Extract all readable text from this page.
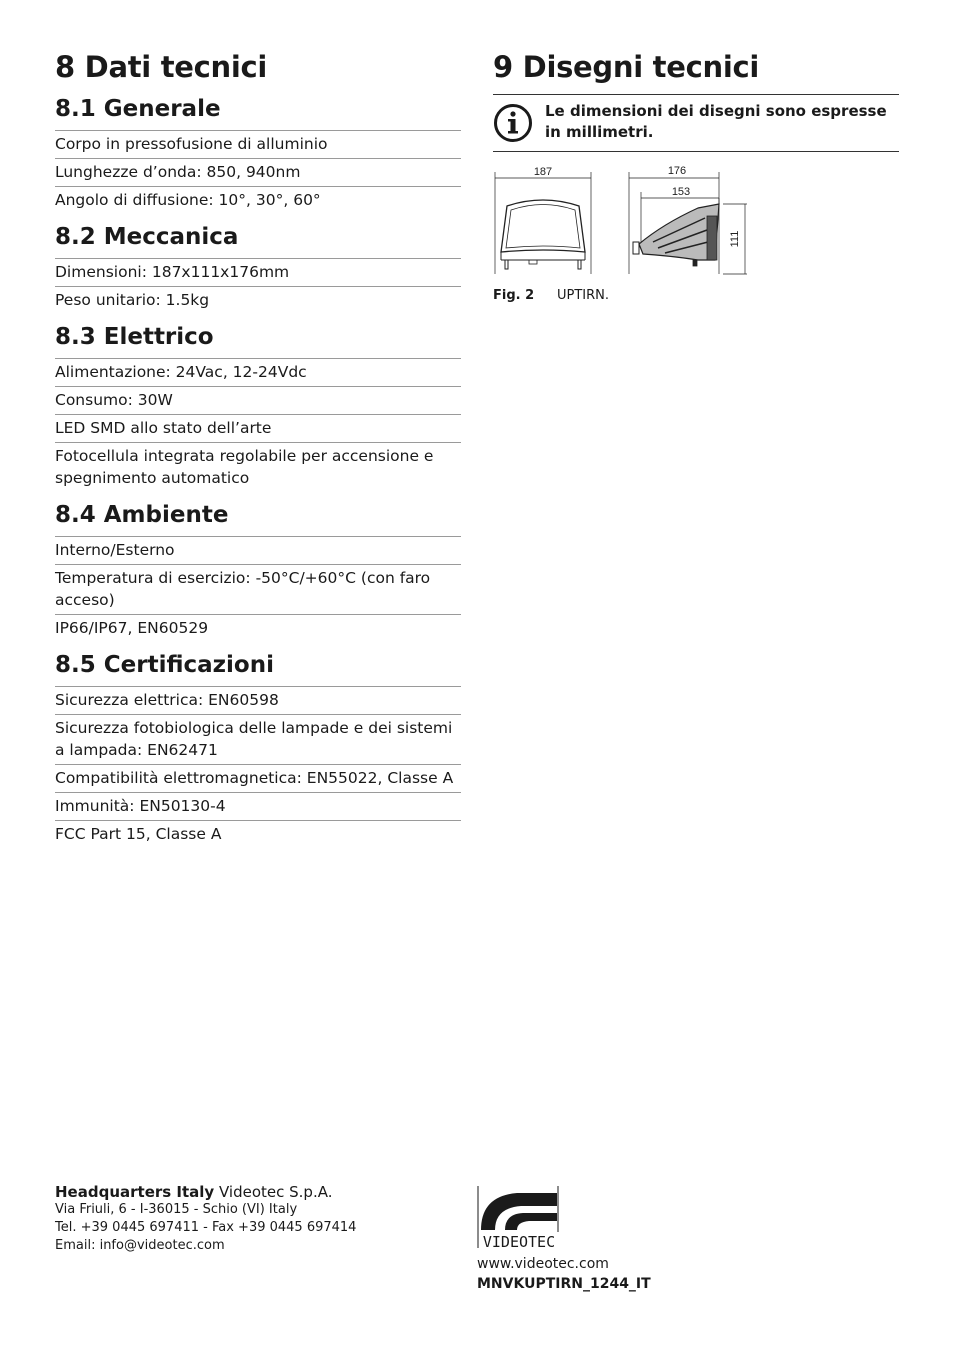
8 Dati tecnici
8.1 Generale
Corpo in pressofusione di alluminio
Lunghezze d’onda: 850, 940nm
Angolo di diffusione: 10°, 30°, 60°
8.2 Meccanica
Dimensioni: 187x111x176mm
Peso unitario: 1.5kg
8.3 Elettrico
Alimentazione: 24Vac, 12-24Vdc
Consumo: 30W
LED SMD allo stato dell’arte
Fotocellula integrata regolabile per accensione e spegnimento automatico
8.4 Ambiente
Interno/Esterno
Temperatura di esercizio: -50°C/+60°C (con faro acceso)
IP66/IP67, EN60529
8.5 Certificazioni
Sicurezza elettrica: EN60598
Sicurezza fotobiologica delle lampade e dei sistemi a lampada: EN62471
Compatibilità elettromagnetica: EN55022, Classe A
Immunità: EN50130-4
FCC Part 15, Classe A
9 Disegni tecnici
Le dimensioni dei disegni sono espresse in millimetri.
187	176
153
111
Fig. 2 UPTIRN.
Headquarters Italy Videotec S.p.A.
Via Friuli, 6 - I-36015 - Schio (VI) Italy
Tel. +39 0445 697411 - Fax +39 0445 697414
Email: info@videotec.com	VIDEOTEC
www.videotec.com
MNVKUPTIRN_1244_IT
